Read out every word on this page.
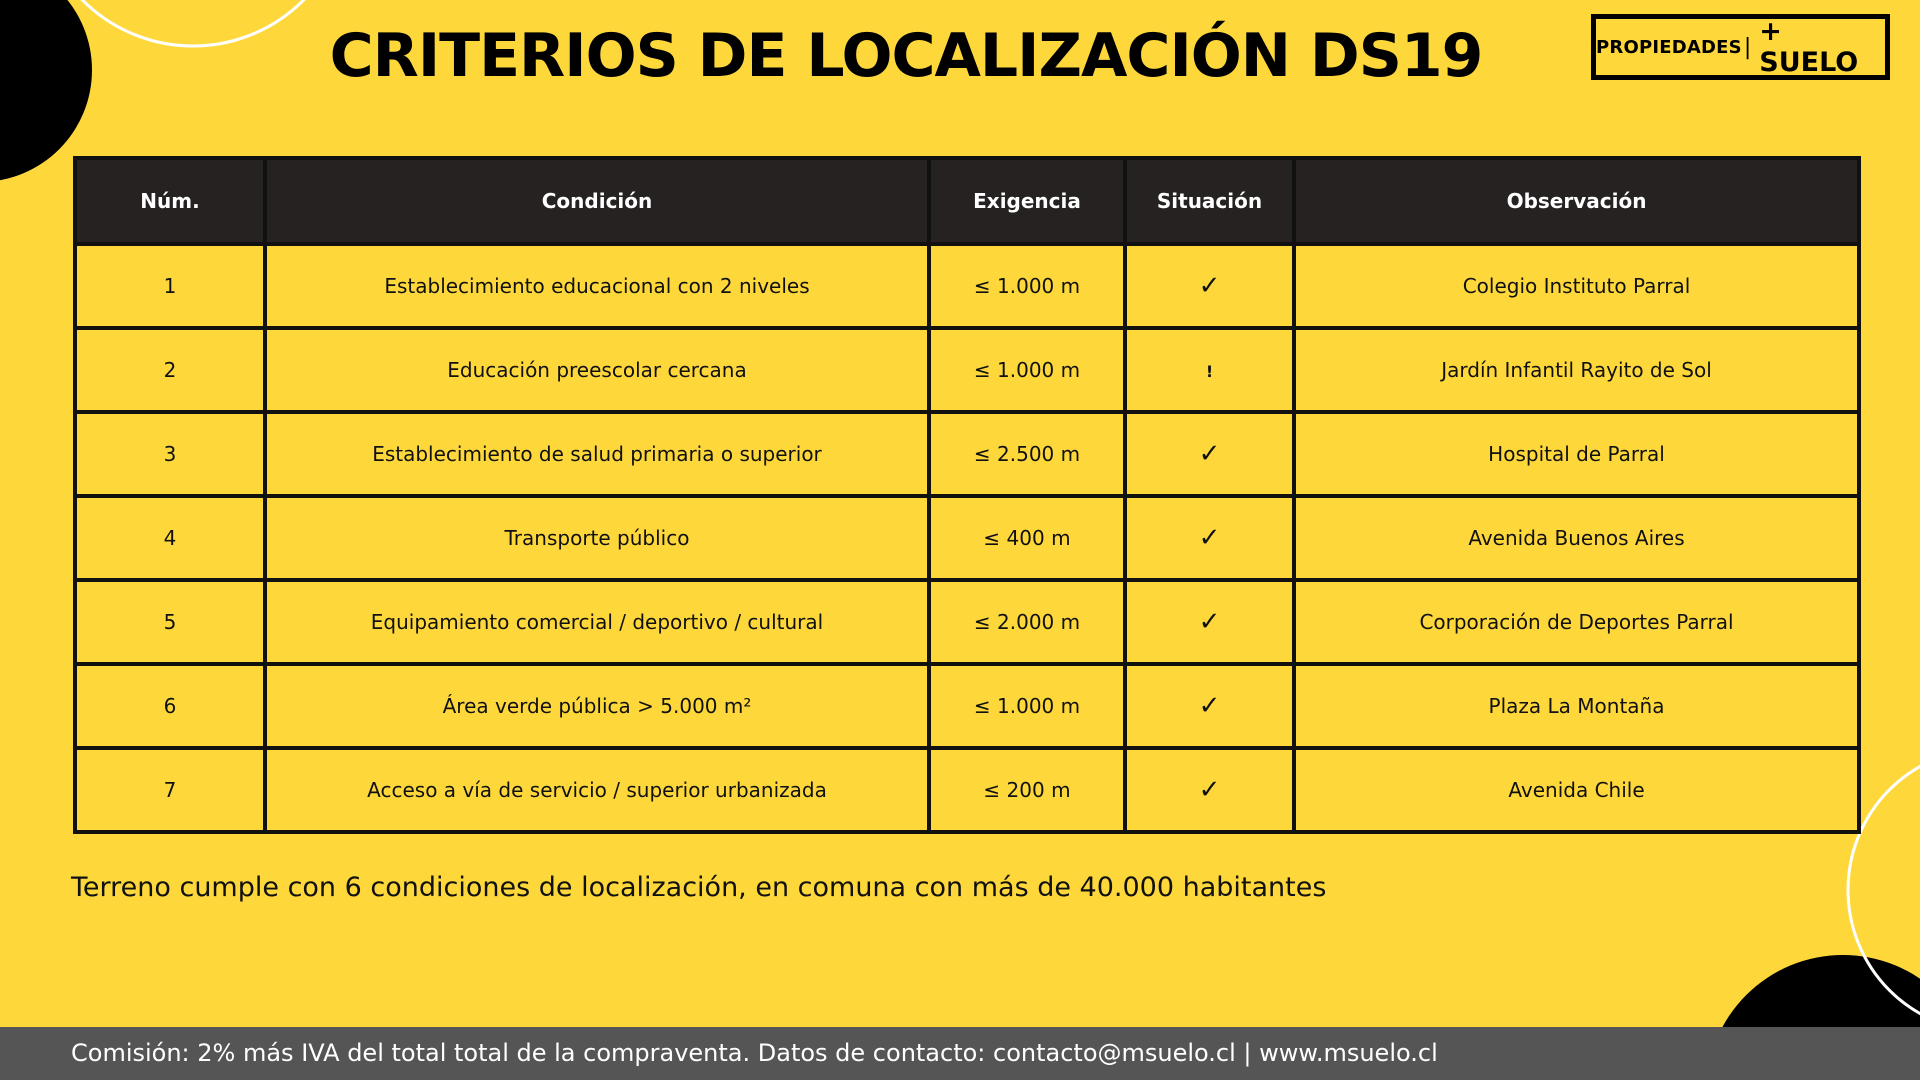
CRITERIOS DE LOCALIZACIÓN DS19	PROPIEDADES | + SUELO
Núm.	Condición	Exigencia	Situación	Observación
1	Establecimiento educacional con 2 niveles	≤ 1.000 m	✓	Colegio Instituto Parral
2	Educación preescolar cercana	≤ 1.000 m	!	Jardín Infantil Rayito de Sol
3	Establecimiento de salud primaria o superior	≤ 2.500 m	✓	Hospital de Parral
4	Transporte público	≤ 400 m	✓	Avenida Buenos Aires
5	Equipamiento comercial / deportivo / cultural	≤ 2.000 m	✓	Corporación de Deportes Parral
6	Área verde pública > 5.000 m²	≤ 1.000 m	✓	Plaza La Montaña
7	Acceso a vía de servicio / superior urbanizada	≤ 200 m	✓	Avenida Chile

Terreno cumple con 6 condiciones de localización, en comuna con más de 40.000 habitantes

Comisión: 2% más IVA del total total de la compraventa. Datos de contacto: contacto@msuelo.cl | www.msuelo.cl
